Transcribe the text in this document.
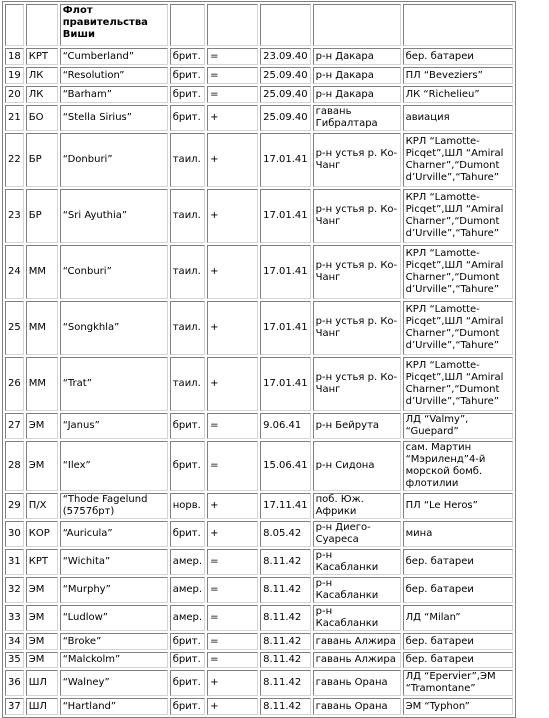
		Флот правительства Виши					
18	КРТ	“Cumberland”	брит.	=	23.09.40	р-н Дакара	бер. батареи
19	ЛК	“Resolution”	брит.	=	25.09.40	р-н Дакара	ПЛ “Beveziers”
20	ЛК	“Barham”	брит.	=	25.09.40	р-н Дакара	ЛК “Richelieu”
21	БО	“Stella Sirius”	брит.	+	25.09.40	гавань Гибралтара	авиация
22	БР	“Donburi”	таил.	+	17.01.41	р-н устья р. Ко-Чанг	КРЛ “Lamotte-Picqet”,ШЛ “Amiral Charner”,“Dumont d’Urville”,“Tahure”
23	БР	“Sri Ayuthia”	таил.	+	17.01.41	р-н устья р. Ко-Чанг	КРЛ “Lamotte-Picqet”,ШЛ “Amiral Charner”,“Dumont d’Urville”,“Tahure”
24	ММ	“Conburi”	таил.	+	17.01.41	р-н устья р. Ко-Чанг	КРЛ “Lamotte-Picqet”,ШЛ “Amiral Charner”,“Dumont d’Urville”,“Tahure”
25	ММ	“Songkhla”	таил.	+	17.01.41	р-н устья р. Ко-Чанг	КРЛ “Lamotte-Picqet”,ШЛ “Amiral Charner”,“Dumont d’Urville”,“Tahure”
26	ММ	“Trat”	таил.	+	17.01.41	р-н устья р. Ко-Чанг	КРЛ “Lamotte-Picqet”,ШЛ “Amiral Charner”,“Dumont d’Urville”,“Tahure”
27	ЭМ	“Janus”	брит.	=	9.06.41	р-н Бейрута	ЛД “Valmy”, “Guepard”
28	ЭМ	“Ilex”	брит.	=	15.06.41	р-н Сидона	сам. Мартин “Мэриленд”4-й морской бомб. флотилии
29	П/Х	“Thode Fagelund (5757брт)	норв.	+	17.11.41	поб. Юж. Африки	ПЛ “Le Heros”
30	КОР	“Auricula”	брит.	+	8.05.42	р-н Диего-Суареса	мина
31	КРТ	“Wichita”	амер.	=	8.11.42	р-н Касабланки	бер. батареи
32	ЭМ	“Murphy”	амер.	=	8.11.42	р-н Касабланки	бер. батареи
33	ЭМ	“Ludlow”	амер.	=	8.11.42	р-н Касабланки	ЛД “Milan”
34	ЭМ	“Broke”	брит.	=	8.11.42	гавань Алжира	бер. батареи
35	ЭМ	“Malckolm”	брит.	=	8.11.42	гавань Алжира	бер. батареи
36	ШЛ	“Walney”	брит.	+	8.11.42	гавань Орана	ЛД “Epervier”,ЭМ “Tramontane”
37	ШЛ	“Hartland”	брит.	+	8.11.42	гавань Орана	ЭМ “Typhon”
